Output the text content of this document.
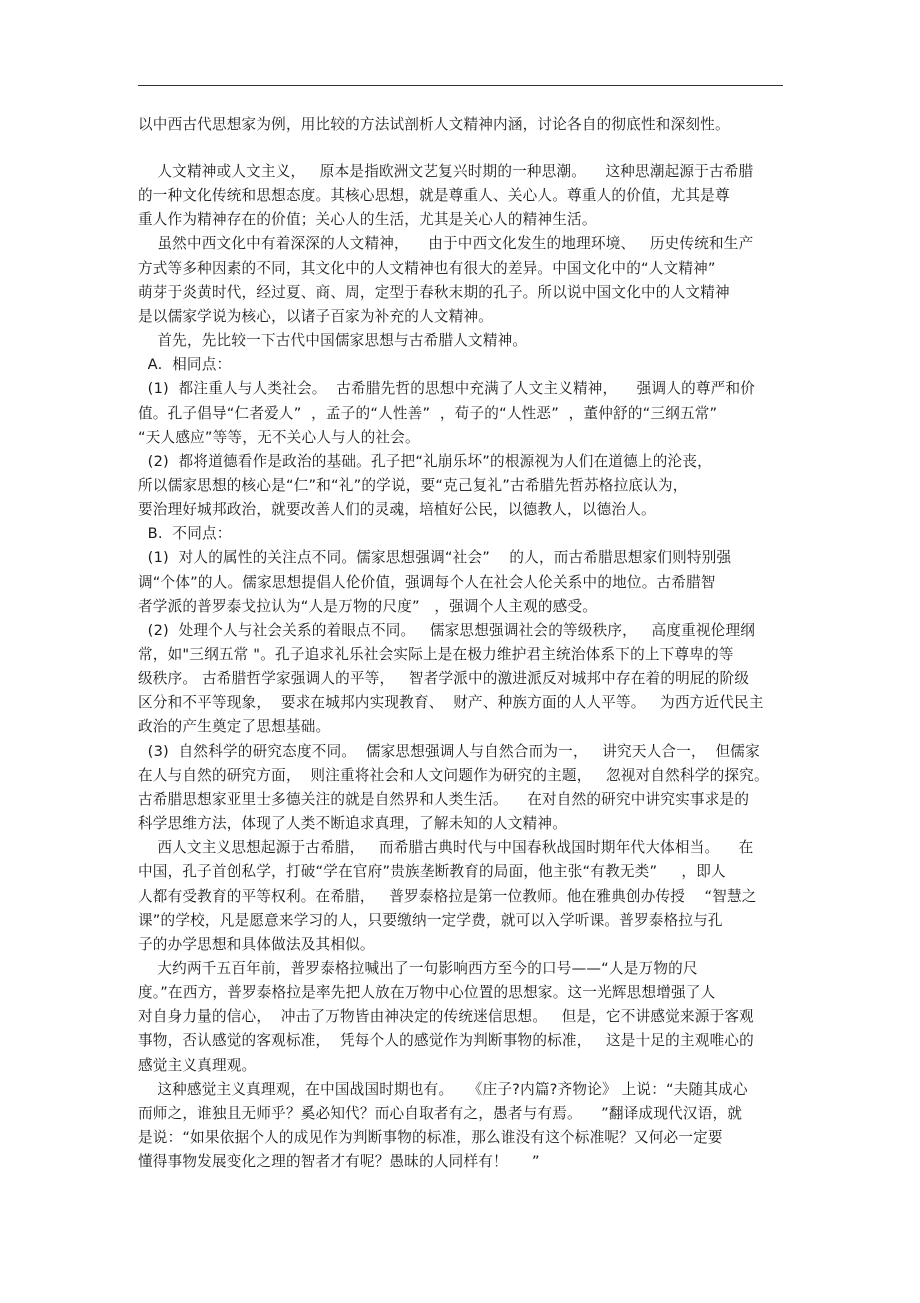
以中西古代思想家为例，用比较的方法试剖析人文精神内涵，讨论各自的彻底性和深刻性。
人文精神或人文主义，   原本是指欧洲文艺复兴时期的一种思潮。    这种思潮起源于古希腊
的一种文化传统和思想态度。其核心思想，就是尊重人、关心人。尊重人的价值，尤其是尊
重人作为精神存在的价值；关心人的生活，尤其是关心人的精神生活。
虽然中西文化中有着深深的人文精神，    由于中西文化发生的地理环境、   历史传统和生产
方式等多种因素的不同，其文化中的人文精神也有很大的差异。中国文化中的“人文精神”
萌芽于炎黄时代，经过夏、商、周，定型于春秋末期的孔子。所以说中国文化中的人文精神
是以儒家学说为核心，以诸子百家为补充的人文精神。
首先，先比较一下古代中国儒家思想与古希腊人文精神。
A.  相同点：
(1)  都注重人与人类社会。  古希腊先哲的思想中充满了人文主义精神，    强调人的尊严和价
值。孔子倡导“仁者爱人”  ，孟子的“人性善”  ，荀子的“人性恶”  ，董仲舒的“三纲五常”
“天人感应”等等，无不关心人与人的社会。
(2)  都将道德看作是政治的基础。孔子把“礼崩乐坏”的根源视为人们在道德上的沦丧，
所以儒家思想的核心是“仁”和“礼”的学说，要“克己复礼”古希腊先哲苏格拉底认为，
要治理好城邦政治，就要改善人们的灵魂，培植好公民，以德教人，以德治人。
B.  不同点：
(1)  对人的属性的关注点不同。儒家思想强调“社会”    的人，而古希腊思想家们则特别强
调“个体”的人。儒家思想提倡人伦价值，强调每个人在社会人伦关系中的地位。古希腊智
者学派的普罗泰戈拉认为“人是万物的尺度”   ，强调个人主观的感受。
(2)  处理个人与社会关系的着眼点不同。   儒家思想强调社会的等级秩序，   高度重视伦理纲
常，如"三纲五常 "。孔子追求礼乐社会实际上是在极力维护君主统治体系下的上下尊卑的等
级秩序。 古希腊哲学家强调人的平等，   智者学派中的激进派反对城邦中存在着的明屁的阶级
区分和不平等现象，  要求在城邦内实现教育、  财产、种族方面的人人平等。   为西方近代民主
政治的产生奠定了思想基础。
(3)  自然科学的研究态度不同。  儒家思想强调人与自然合而为一，   讲究天人合一，  但儒家
在人与自然的研究方面，  则注重将社会和人文问题作为研究的主题，   忽视对自然科学的探究。
古希腊思想家亚里士多德关注的就是自然界和人类生活。    在对自然的研究中讲究实事求是的
科学思维方法，体现了人类不断追求真理，了解未知的人文精神。
西人文主义思想起源于古希腊，   而希腊古典时代与中国春秋战国时期年代大体相当。    在
中国，孔子首创私学，打破“学在官府”贵族垄断教育的局面，他主张“有教无类”     ，即人
人都有受教育的平等权利。在希腊，   普罗泰格拉是第一位教师。他在雅典创办传授    “智慧之
课”的学校，凡是愿意来学习的人，只要缴纳一定学费，就可以入学听课。普罗泰格拉与孔
子的办学思想和具体做法及其相似。
大约两千五百年前，普罗泰格拉喊出了一句影响西方至今的口号——“人是万物的尺
度。”在西方，普罗泰格拉是率先把人放在万物中心位置的思想家。这一光辉思想增强了人
对自身力量的信心，  冲击了万物皆由神决定的传统迷信思想。   但是，它不讲感觉来源于客观
事物，否认感觉的客观标准，  凭每个人的感觉作为判断事物的标准，   这是十足的主观唯心的
感觉主义真理观。
这种感觉主义真理观，在中国战国时期也有。   《庄子?内篇?齐物论》 上说：“夫随其成心
而师之，谁独且无师乎？奚必知代？而心自取者有之，愚者与有焉。    ”翻译成现代汉语，就
是说：“如果依据个人的成见作为判断事物的标准，那么谁没有这个标准呢？又何必一定要
懂得事物发展变化之理的智者才有呢？愚昧的人同样有！     ”
